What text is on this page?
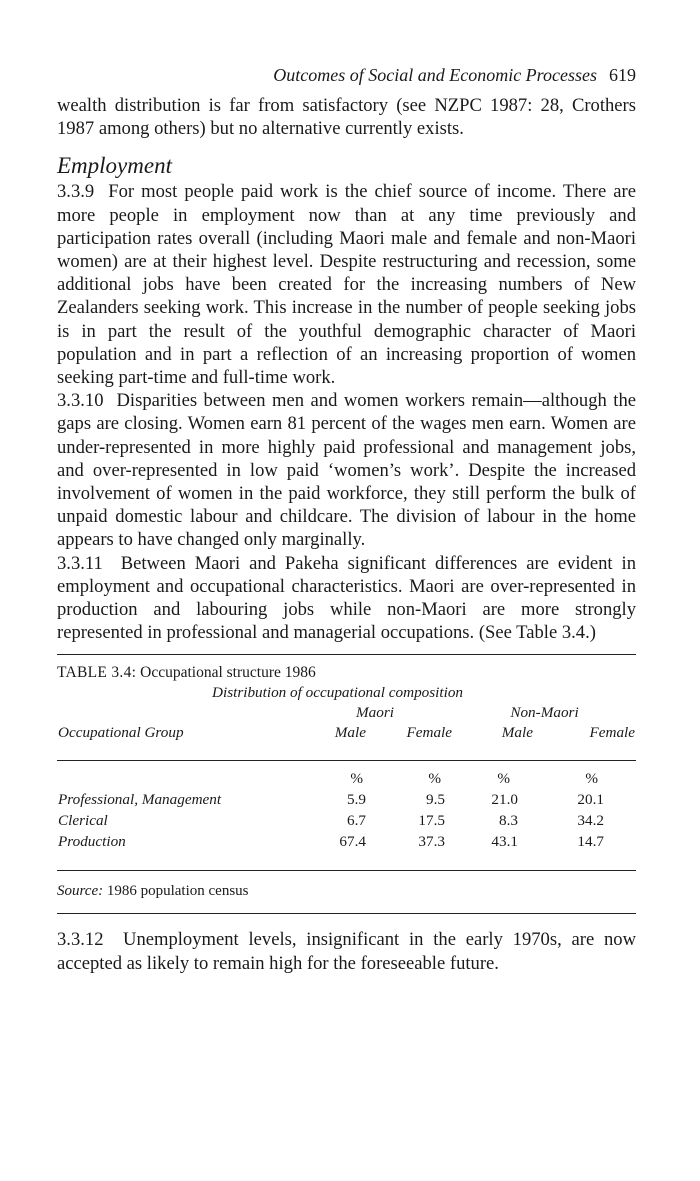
Outcomes of Social and Economic Processes 619

wealth distribution is far from satisfactory (see NZPC 1987: 28, Crothers 1987 among others) but no alternative currently exists.

Employment

3.3.9 For most people paid work is the chief source of income. There are more people in employment now than at any time previously and participation rates overall (including Maori male and female and non-Maori women) are at their highest level. Despite restructuring and recession, some additional jobs have been created for the increasing numbers of New Zealanders seeking work. This increase in the number of people seeking jobs is in part the result of the youthful demographic character of Maori population and in part a reflection of an increasing proportion of women seeking part-time and full-time work.

3.3.10 Disparities between men and women workers remain—although the gaps are closing. Women earn 81 percent of the wages men earn. Women are under-represented in more highly paid professional and management jobs, and over-represented in low paid ‘women’s work’. Despite the increased involvement of women in the paid workforce, they still perform the bulk of unpaid domestic labour and childcare. The division of labour in the home appears to have changed only marginally.

3.3.11 Between Maori and Pakeha significant differences are evident in employment and occupational characteristics. Maori are over-represented in production and labouring jobs while non-Maori are more strongly represented in professional and managerial occupations. (See Table 3.4.)

TABLE 3.4: Occupational structure 1986
	Distribution of occupational composition			
	Maori		Non-Maori	
Occupational Group	Male	Female	Male	Female

	%	%	%	%
Professional, Management	5.9	9.5	21.0	20.1
Clerical	6.7	17.5	8.3	34.2
Production	67.4	37.3	43.1	14.7
Source: 1986 population census

3.3.12 Unemployment levels, insignificant in the early 1970s, are now accepted as likely to remain high for the foreseeable future.
